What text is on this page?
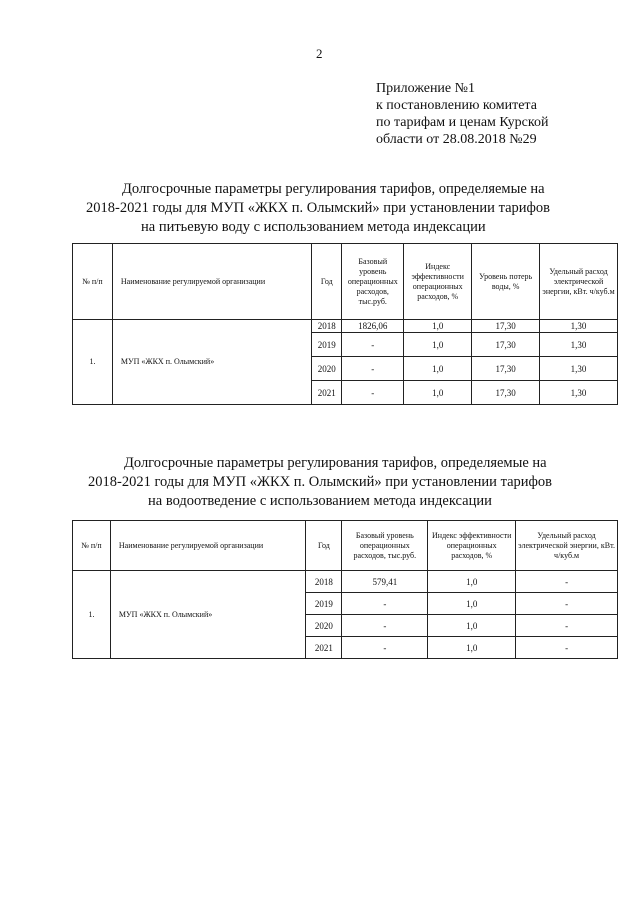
2
Приложение №1
к постановлению комитета
по тарифам и ценам Курской
области от 28.08.2018 №29
Долгосрочные параметры регулирования тарифов, определяемые на
2018-2021 годы для МУП «ЖКХ п. Олымский» при установлении тарифов
на питьевую воду с использованием метода индексации
№ п/п	Наименование регулируемой организации	Год	Базовый уровень операционных расходов, тыс.руб.	Индекс эффективности операционных расходов, %	Уровень потерь воды, %	Удельный расход электрической энергии, кВт. ч/куб.м
1.	МУП «ЖКХ п. Олымский»	2018	1826,06	1,0	17,30	1,30
		2019	-	1,0	17,30	1,30
		2020	-	1,0	17,30	1,30
		2021	-	1,0	17,30	1,30
Долгосрочные параметры регулирования тарифов, определяемые на
2018-2021 годы для МУП «ЖКХ п. Олымский» при установлении тарифов
на водоотведение с использованием метода индексации
№ п/п	Наименование регулируемой организации	Год	Базовый уровень операционных расходов, тыс.руб.	Индекс эффективности операционных расходов, %	Удельный расход электрической энергии, кВт. ч/куб.м
1.	МУП «ЖКХ п. Олымский»	2018	579,41	1,0	-
		2019	-	1,0	-
		2020	-	1,0	-
		2021	-	1,0	-
